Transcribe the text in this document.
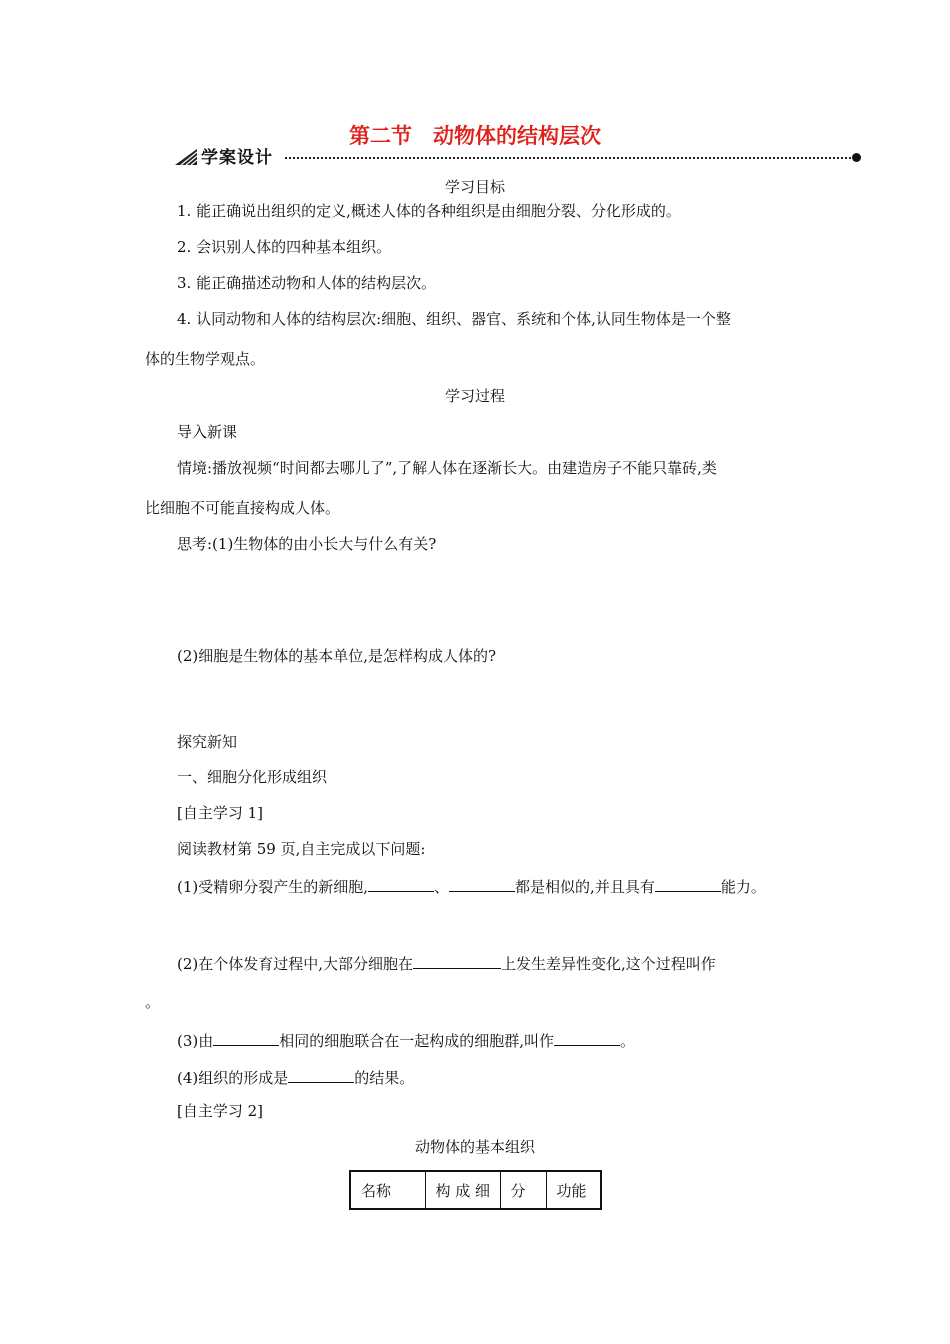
第二节　动物体的结构层次
学案设计
学习目标
1. 能正确说出组织的定义,概述人体的各种组织是由细胞分裂、分化形成的。
2. 会识别人体的四种基本组织。
3. 能正确描述动物和人体的结构层次。
4. 认同动物和人体的结构层次:细胞、组织、器官、系统和个体,认同生物体是一个整
体的生物学观点。
学习过程
导入新课
情境:播放视频“时间都去哪儿了”,了解人体在逐渐长大。由建造房子不能只靠砖,类
比细胞不可能直接构成人体。
思考:(1)生物体的由小长大与什么有关?
(2)细胞是生物体的基本单位,是怎样构成人体的?
探究新知
一、细胞分化形成组织
[自主学习 1]
阅读教材第 59 页,自主完成以下问题:
(1)受精卵分裂产生的新细胞,	、	都是相似的,并且具有	能力。
(2)在个体发育过程中,大部分细胞在	上发生差异性变化,这个过程叫作
。
(3)由	相同的细胞联合在一起构成的细胞群,叫作	。
(4)组织的形成是	的结果。
[自主学习 2]
动物体的基本组织
名称	构 成 细	分	功能
